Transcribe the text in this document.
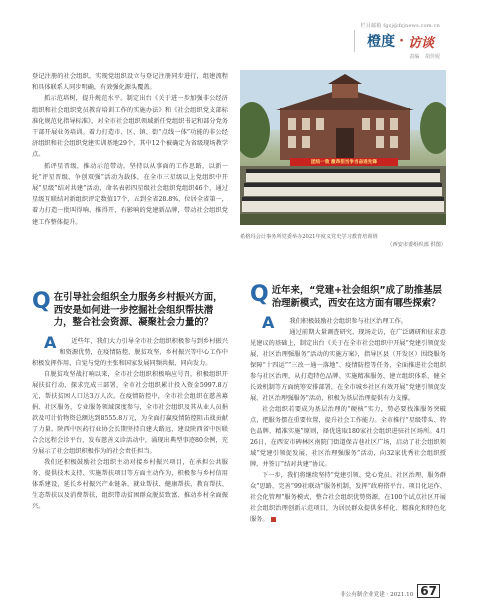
栏目邮箱 fgsj@fzjnews.com.cn
橙度 · 访谈
责编 胡佳妮

登记注册的社会组织，实现党组织设立与登记注册同步进行，组建流程和具体联系人同步明确，有效强化源头覆盖。

抓示范培树，提升规范水平。制定出台《关于进一步加强非公经济组织和社会组织党员教育培训工作的实施办法》和《社会组织党支部标准化规范化指导标准》，对全市社会组织领域新任党组织书记和部分党务干部开展业务培训。着力打造市、区、镇、街“点线一体”功能的非公经济组织和社会组织党建实训基地29个，其中12个被确定为省级现场教学点。

抓评星晋级，推动示范带动。坚持以从事面的工作思路，以新一轮“评星晋级、争创双强”活动为载体，在全市三星级以上党组织中开展“星级”结对共建”活动，命名表彰四星级社会组织党组织46个，通过星级互联结对新组织评定数值17个，五到全省28.8%，位居全省第一，着力打造一批叫得响、推得开、有影响的党建新品牌，带动社会组织党建工作整体提升。

团结一致 激昂担当争当奋进先锋
希格玛会计事务所党委举办2021年度义党史学习教育培训班
（西安市委组织部 供图）
Q 在引导社会组织全力服务乡村振兴方面，西安是如何进一步挖掘社会组织帮扶潜力，整合社会资源、凝聚社会力量的？

A 近些年，我们大力引导全市社会组织积极参与到乡村振兴和资源优势，在疫情防控、脱贫攻坚、乡村振兴等中心工作中积极发挥作用，自觉与党的主张和国家发展同频共振、同向发力。

自脱贫攻坚战打响以来，全市社会组织积极响应号召，积极组织开展扶贫行动，探求完成三部署，全市社会组织累计投入资金5997.8万元，帮扶贫困人口达3万人次。在疫情防控中，全市社会组织在慈善募捐、社区服务、专业服务领域深度参与，全市社会组织及其从业人员捐款及可计价物资总额达到8555.8万元，为全面打赢疫情防控阻击战贡献了力量。陕西中医药行业协会长期坚持自建大路远、建设陕西省中医联合会远程会诊平台，发布慈善义诊活动中，涌现出典型事迹80余例，充分展示了社会组织积极作为的社会责任担当。

我们还积极鼓励社会组织主动对接乡村振兴项目，在承担公共服务、提供技术支持、实施帮扶项目等方面主动作为，积极参与乡村信用体系建设，延长乡村振兴产业链条、就业帮扶、健康帮扶、教育帮扶、生态帮扶以及消费帮扶，组织带动贫困群众脱贫致富、推动乡村全面振兴。

Q 近年来，“党建+社会组织”成了助推基层治理新模式，西安在这方面有哪些探索？

A 我们积极鼓励社会组织参与社区治理工作。

通过前期大量调查研究、现场走访，在广泛调研和征求意见建议的基础上，制定出台《关于在全市社会组织中开展“党建引领促发展、社区治理强服务”活动的实施方案》，指导区县（开发区）围绕服务保障“十四运”“三改一通一落地”、疫情防控等任务，全面推进社会组织参与社区治理，从打造特色品牌、实施精准服务、建立组织体系、健全长效机制等方面统筹安排部署，在全市城乡社区有效开展“党建引领促发展、社区治理强服务”活动，积极为基层治理提供有力支撑。

社会组织若要成为基层治理的“硬核”实力，势必要找准服务突破点，把服务摆在重要位置，提升社会工作能力。全市推行“星级带头、特色品牌、精准实施”原则，择优选取180家社会组织进驻社区场所。4月26日，在西安市碑林区南院门街道保吉巷社区广场，启动了社会组织领域“党建引领促发展、社区治理强服务”活动，向32家优秀社会组织授牌，并签订“结对共建”协议。

下一步，我们将继续坚持“党建引领、党心党员、社区治理、服务群众”思路，完善“99社联动”服务机制，发挥“政府搭平台、项目化运作、社会化管理”服务模式，整合社会组织优势资源，在100个试点社区开展社会组织治理创新示范项目，为居民群众提供多样化、精准化和特色化服务。

非公有制企业党建 · 2021.10 67
